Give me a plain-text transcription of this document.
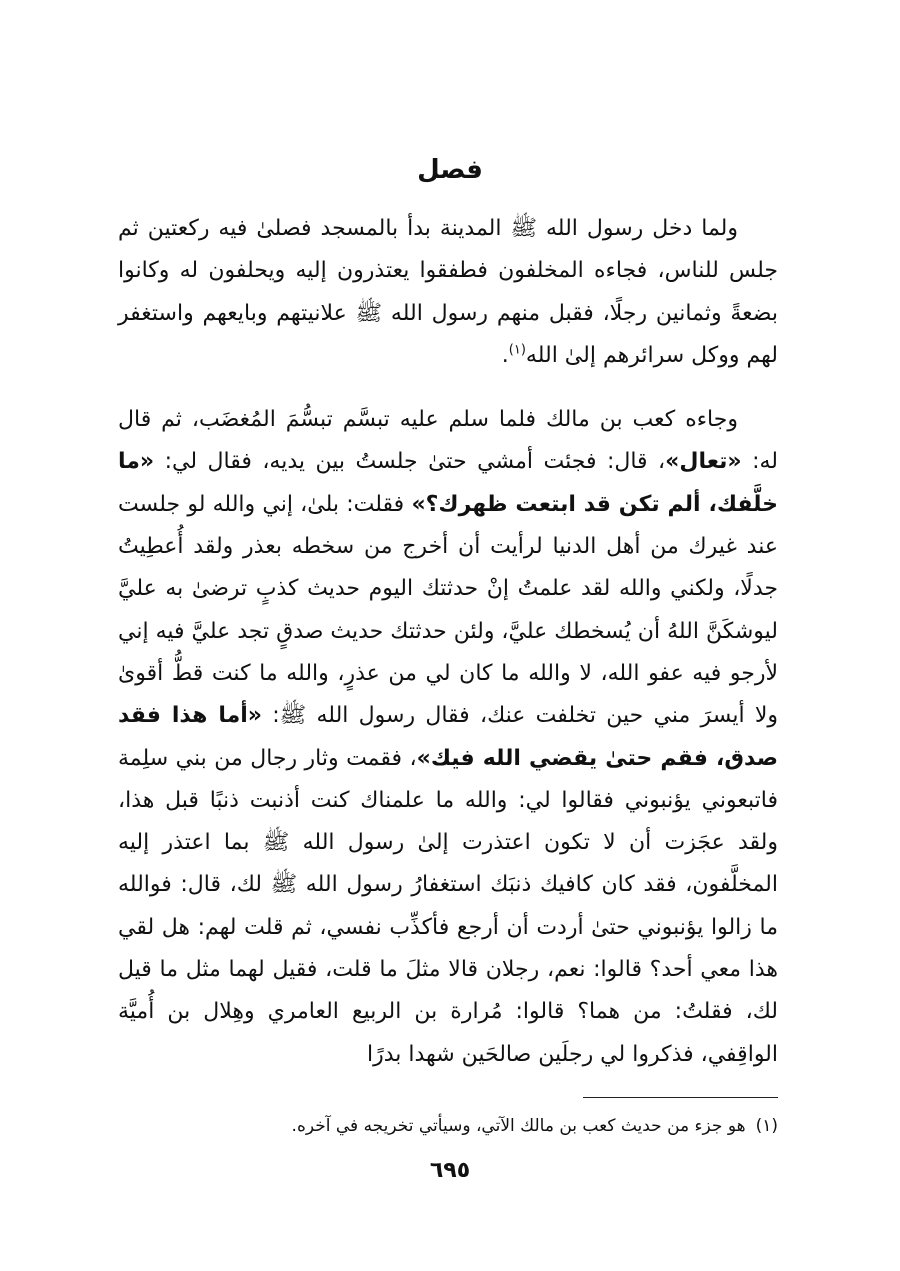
فصل

ولما دخل رسول الله ﷺ المدينة بدأ بالمسجد فصلىٰ فيه ركعتين ثم جلس للناس، فجاءه المخلفون فطفقوا يعتذرون إليه ويحلفون له وكانوا بضعةً وثمانين رجلًا، فقبل منهم رسول الله ﷺ علانيتهم وبايعهم واستغفر لهم ووكل سرائرهم إلىٰ الله$^{(١)}$.

وجاءه كعب بن مالك فلما سلم عليه تبسَّم تبسُّمَ المُغضَب، ثم قال له: «تعال»، قال: فجئت أمشي حتىٰ جلستُ بين يديه، فقال لي: «ما خلَّفك، ألم تكن قد ابتعت ظهرك؟» فقلت: بلىٰ، إني والله لو جلست عند غيرك من أهل الدنيا لرأيت أن أخرج من سخطه بعذر ولقد أُعطِيتُ جدلًا، ولكني والله لقد علمتُ إنْ حدثتك اليوم حديث كذبٍ ترضىٰ به عليَّ ليوشكَنَّ اللهُ أن يُسخطك عليَّ، ولئن حدثتك حديث صدقٍ تجد عليَّ فيه إني لأرجو فيه عفو الله، لا والله ما كان لي من عذرٍ، والله ما كنت قطُّ أقوىٰ ولا أيسرَ مني حين تخلفت عنك، فقال رسول الله ﷺ: «أما هذا فقد صدق، فقم حتىٰ يقضي الله فيك»، فقمت وثار رجال من بني سلِمة فاتبعوني يؤنبوني فقالوا لي: والله ما علمناك كنت أذنبت ذنبًا قبل هذا، ولقد عجَزت أن لا تكون اعتذرت إلىٰ رسول الله ﷺ بما اعتذر إليه المخلَّفون، فقد كان كافيك ذنبَك استغفارُ رسول الله ﷺ لك، قال: فوالله ما زالوا يؤنبوني حتىٰ أردت أن أرجع فأكذِّب نفسي، ثم قلت لهم: هل لقي هذا معي أحد؟ قالوا: نعم، رجلان قالا مثلَ ما قلت، فقيل لهما مثل ما قيل لك، فقلتُ: من هما؟ قالوا: مُرارة بن الربيع العامري وهِلال بن أُميَّة الواقِفي، فذكروا لي رجلَين صالحَين شهدا بدرًا

(١)هو جزء من حديث كعب بن مالك الآتي، وسيأتي تخريجه في آخره.
٦٩٥
